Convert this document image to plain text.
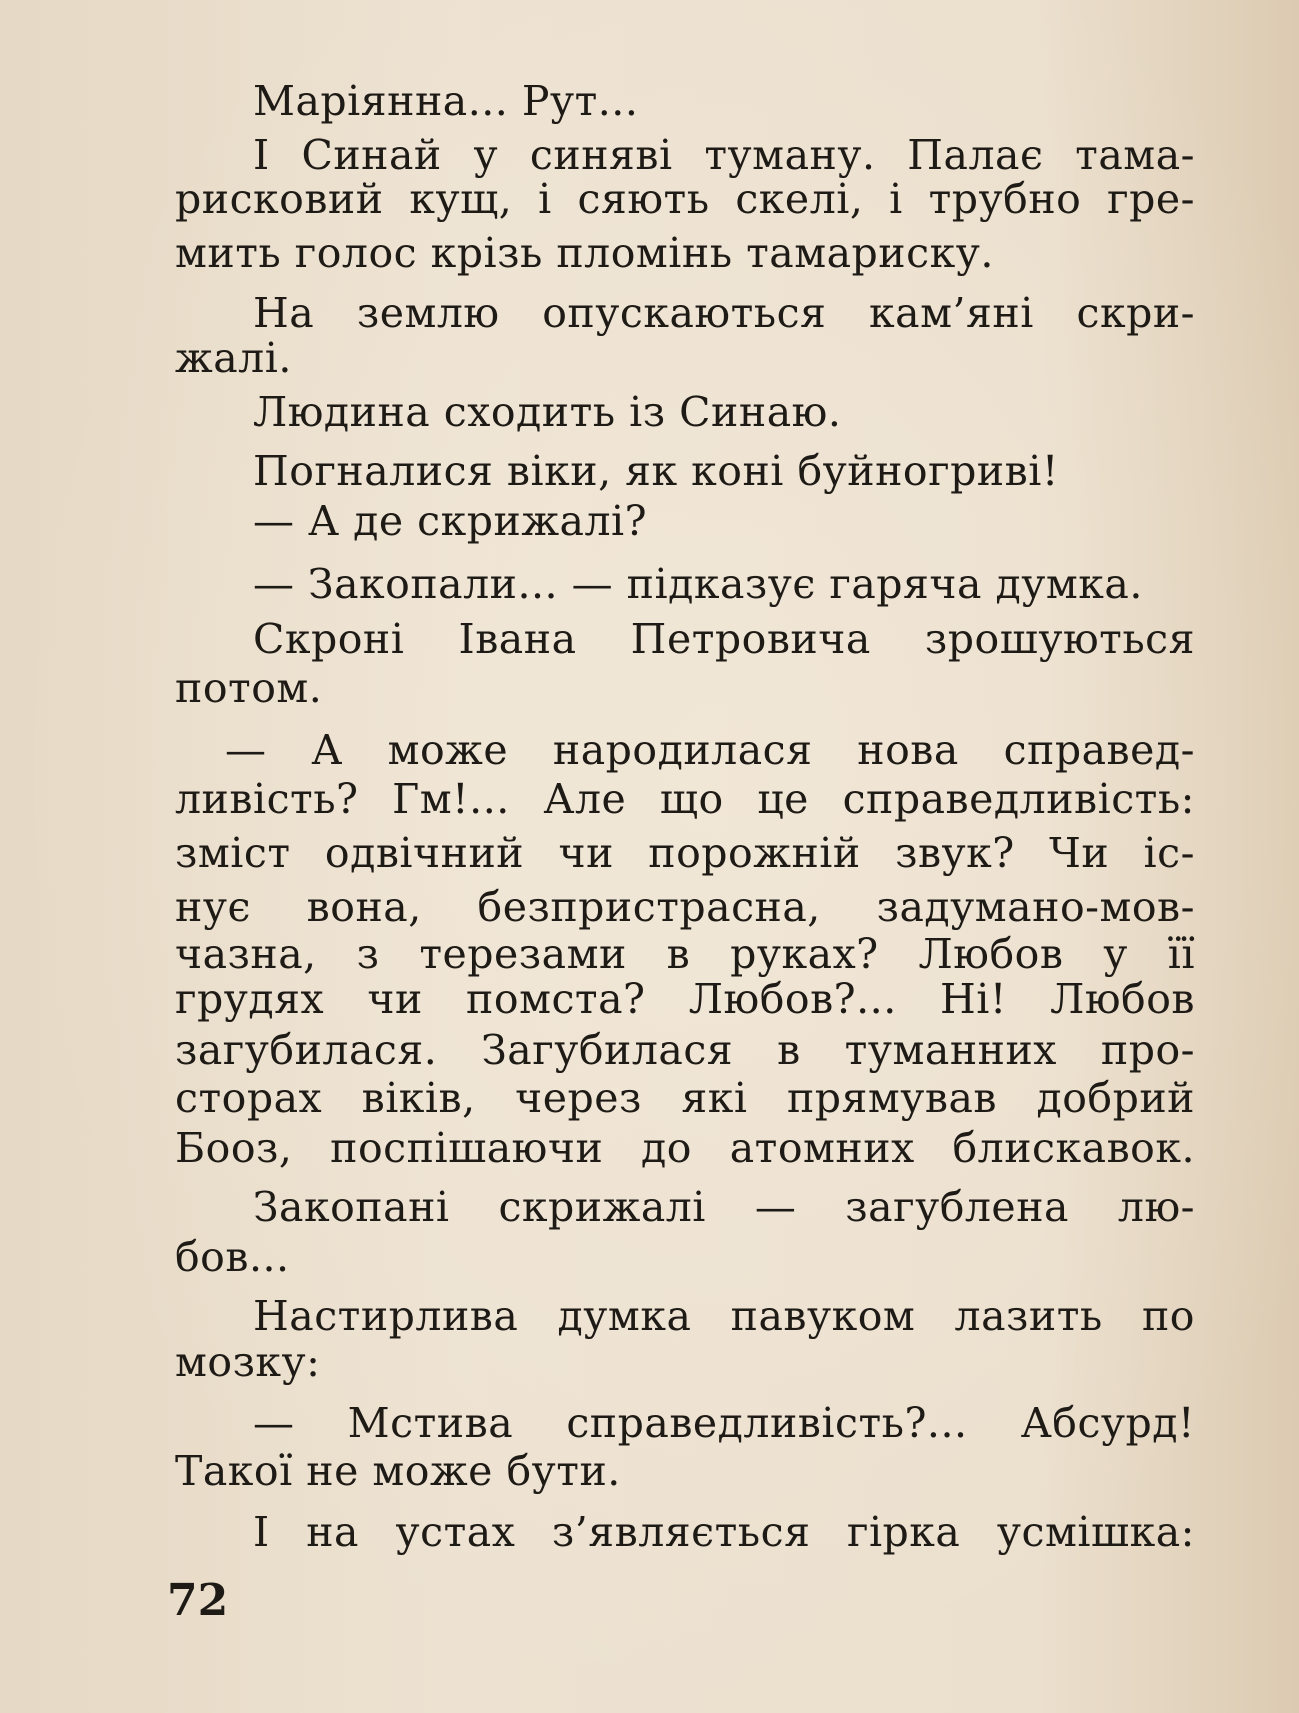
Маріянна... Рут...
І Синай у синяві туману. Палає тама-
рисковий кущ, і сяють скелі, і трубно гре-
мить голос крізь пломінь тамариску.
На землю опускаються кам’яні скри-
жалі.
Людина сходить із Синаю.
Погналися віки, як коні буйногриві!
— А де скрижалі?
— Закопали... — підказує гаряча думка.
Скроні Івана Петровича зрошуються
потом.
— А може народилася нова справед-
ливість? Гм!... Але що це справедливість:
зміст одвічний чи порожній звук? Чи іс-
нує вона, безпристрасна, задумано-мов-
чазна, з терезами в руках? Любов у її
грудях чи помста? Любов?... Ні! Любов
загубилася. Загубилася в туманних про-
сторах віків, через які прямував добрий
Бооз, поспішаючи до атомних блискавок.
Закопані скрижалі — загублена лю-
бов...
Настирлива думка павуком лазить по
мозку:
— Мстива справедливість?... Абсурд!
Такої не може бути.
І на устах з’являється гірка усмішка:
72
